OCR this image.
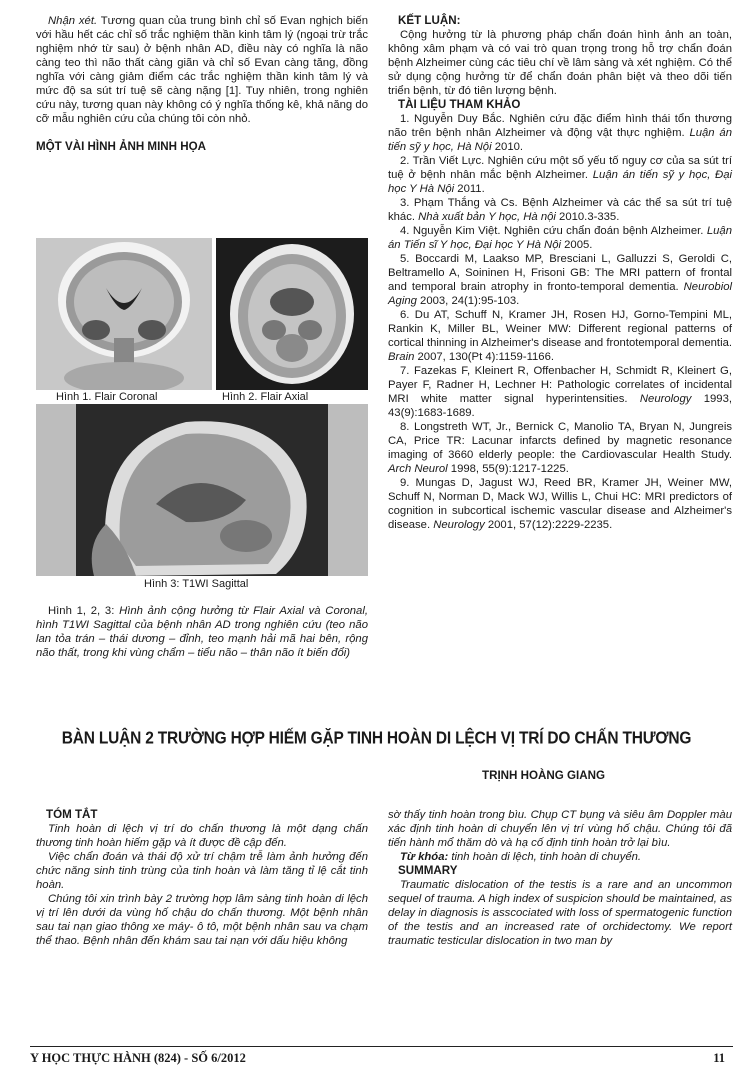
Nhận xét. Tương quan của trung bình chỉ số Evan nghịch biến với hầu hết các chỉ số trắc nghiệm thần kinh tâm lý (ngoại trừ trắc nghiệm nhớ từ sau) ở bệnh nhân AD, điều này có nghĩa là não càng teo thì não thất càng giãn và chỉ số Evan càng tăng, đồng nghĩa với càng giảm điểm các trắc nghiệm thần kinh tâm lý và mức độ sa sút trí tuệ sẽ càng nặng [1]. Tuy nhiên, trong nghiên cứu này, tương quan này không có ý nghĩa thống kê, khả năng do cỡ mẫu nghiên cứu của chúng tôi còn nhỏ.

MỘT VÀI HÌNH ẢNH MINH HỌA

Hình 1. Flair Coronal	Hình 2. Flair Axial
Hình 3: T1WI Sagittal

Hình 1, 2, 3: Hình ảnh cộng hưởng từ Flair Axial và Coronal, hình T1WI Sagittal của bệnh nhân AD trong nghiên cứu (teo não lan tỏa trán – thái dương – đỉnh, teo mạnh hải mã hai bên, rộng não thất, trong khi vùng chẩm – tiểu não – thân não ít biến đổi)

KẾT LUẬN:

Cộng hưởng từ là phương pháp chẩn đoán hình ảnh an toàn, không xâm phạm và có vai trò quan trọng trong hỗ trợ chẩn đoán bệnh Alzheimer cùng các tiêu chí về lâm sàng và xét nghiệm. Có thể sử dụng cộng hưởng từ để chẩn đoán phân biệt và theo dõi tiến triển bệnh, từ đó tiên lượng bệnh.

TÀI LIỆU THAM KHẢO

1. Nguyễn Duy Bắc. Nghiên cứu đặc điểm hình thái tổn thương não trên bệnh nhân Alzheimer và động vật thực nghiệm. Luận án tiến sỹ y học, Hà Nội 2010.

2. Trần Viết Lực. Nghiên cứu một số yếu tố nguy cơ của sa sút trí tuệ ở bệnh nhân mắc bệnh Alzheimer. Luận án tiến sỹ y học, Đại học Y Hà Nội 2011.

3. Phạm Thắng và Cs. Bệnh Alzheimer và các thể sa sút trí tuệ khác. Nhà xuất bản Y học, Hà nội 2010.3-335.

4. Nguyễn Kim Việt. Nghiên cứu chẩn đoán bệnh Alzheimer. Luận án Tiến sĩ Y học, Đại học Y Hà Nội 2005.

5. Boccardi M, Laakso MP, Bresciani L, Galluzzi S, Geroldi C, Beltramello A, Soininen H, Frisoni GB: The MRI pattern of frontal and temporal brain atrophy in fronto-temporal dementia. Neurobiol Aging 2003, 24(1):95-103.

6. Du AT, Schuff N, Kramer JH, Rosen HJ, Gorno-Tempini ML, Rankin K, Miller BL, Weiner MW: Different regional patterns of cortical thinning in Alzheimer's disease and frontotemporal dementia. Brain 2007, 130(Pt 4):1159-1166.

7. Fazekas F, Kleinert R, Offenbacher H, Schmidt R, Kleinert G, Payer F, Radner H, Lechner H: Pathologic correlates of incidental MRI white matter signal hyperintensities. Neurology 1993, 43(9):1683-1689.

8. Longstreth WT, Jr., Bernick C, Manolio TA, Bryan N, Jungreis CA, Price TR: Lacunar infarcts defined by magnetic resonance imaging of 3660 elderly people: the Cardiovascular Health Study. Arch Neurol 1998, 55(9):1217-1225.

9. Mungas D, Jagust WJ, Reed BR, Kramer JH, Weiner MW, Schuff N, Norman D, Mack WJ, Willis L, Chui HC: MRI predictors of cognition in subcortical ischemic vascular disease and Alzheimer's disease. Neurology 2001, 57(12):2229-2235.

BÀN LUẬN 2 TRƯỜNG HỢP HIẾM GẶP TINH HOÀN DI LỆCH VỊ TRÍ DO CHẤN THƯƠNG
TRỊNH HOÀNG GIANG

TÓM TẮT

Tinh hoàn di lệch vị trí do chấn thương là một dạng chấn thương tinh hoàn hiếm gặp và ít được đề cập đến.

Việc chẩn đoán và thái độ xử trí chậm trễ làm ảnh hưởng đến chức năng sinh tinh trùng của tinh hoàn và làm tăng tỉ lệ cắt tinh hoàn.

Chúng tôi xin trình bày 2 trường hợp lâm sàng tinh hoàn di lệch vị trí lên dưới da vùng hố chậu do chấn thương. Một bệnh nhân sau tai nạn giao thông xe máy- ô tô, một bệnh nhân sau va chạm thể thao. Bệnh nhân đến khám sau tai nạn với dấu hiệu không

sờ thấy tinh hoàn trong bìu. Chụp CT bụng và siêu âm Doppler màu xác định tinh hoàn di chuyển lên vị trí vùng hố chậu. Chúng tôi đã tiến hành mổ thăm dò và hạ cố định tinh hoàn trở lại bìu.

Từ khóa: tinh hoàn di lệch, tinh hoàn di chuyển.

SUMMARY

Traumatic dislocation of the testis is a rare and an uncommon sequel of trauma. A high index of suspicion should be maintained, as delay in diagnosis is asscociated with loss of spermatogenic function of the testis and an increased rate of orchidectomy. We report traumatic testicular dislocation in two man by

Y HỌC THỰC HÀNH (824) - SỐ 6/2012	11
